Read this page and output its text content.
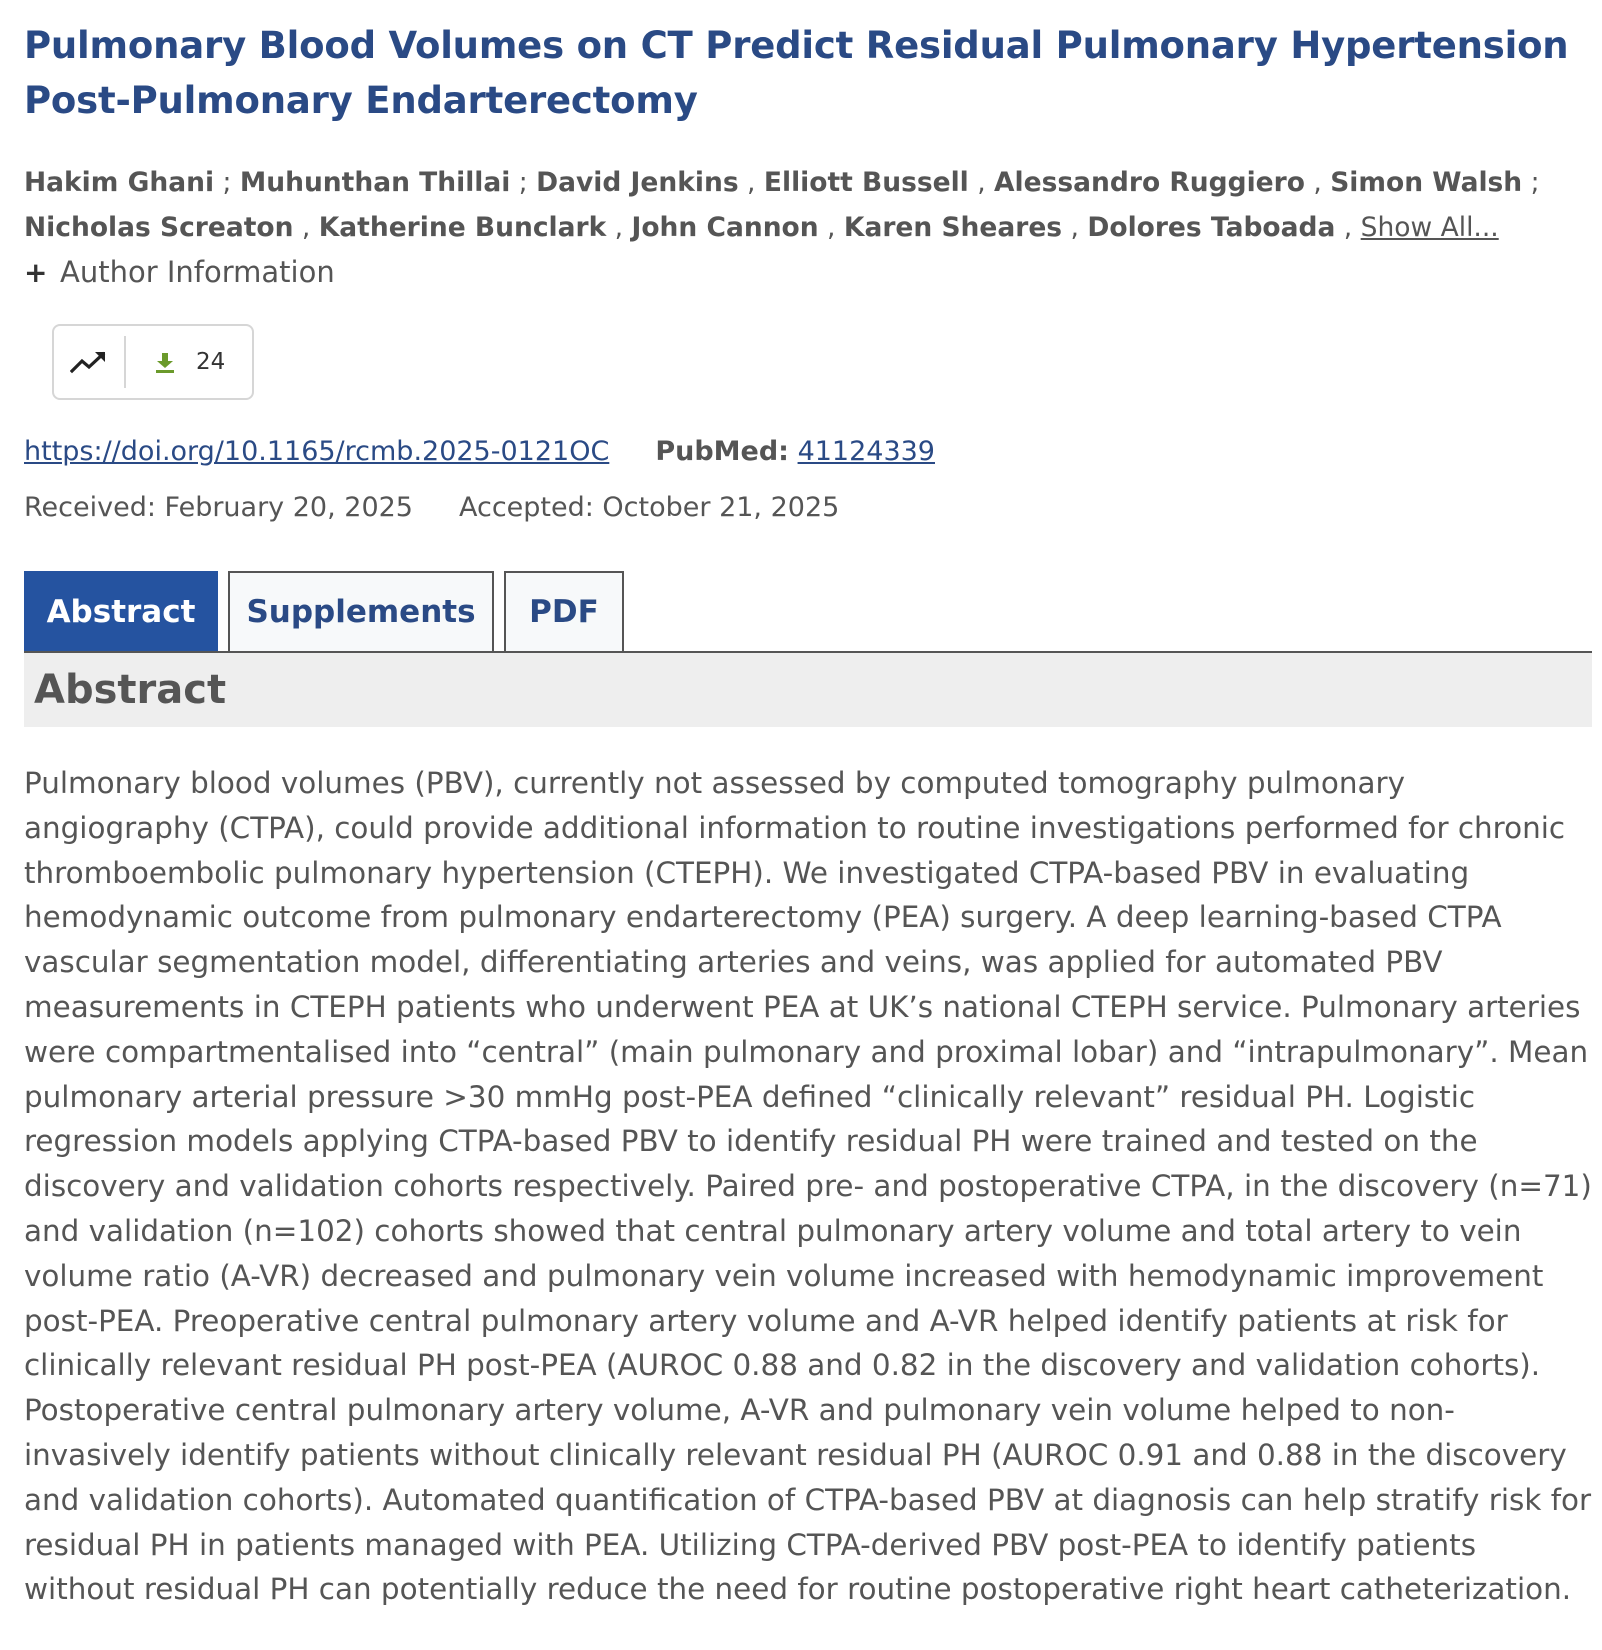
Pulmonary Blood Volumes on CT Predict Residual Pulmonary Hypertension Post-Pulmonary Endarterectomy
Hakim Ghani ; Muhunthan Thillai ; David Jenkins , Elliott Bussell , Alessandro Ruggiero , Simon Walsh ; Nicholas Screaton , Katherine Bunclark , John Cannon , Karen Sheares , Dolores Taboada , Show All...
+ Author Information
24
https://doi.org/10.1165/rcmb.2025-0121OC PubMed: 41124339
Received: February 20, 2025 Accepted: October 21, 2025
Abstract	Supplements	PDF
Abstract
Pulmonary blood volumes (PBV), currently not assessed by computed tomography pulmonary angiography (CTPA), could provide additional information to routine investigations performed for chronic thromboembolic pulmonary hypertension (CTEPH). We investigated CTPA-based PBV in evaluating hemodynamic outcome from pulmonary endarterectomy (PEA) surgery. A deep learning-based CTPA vascular segmentation model, differentiating arteries and veins, was applied for automated PBV measurements in CTEPH patients who underwent PEA at UK’s national CTEPH service. Pulmonary arteries were compartmentalised into “central” (main pulmonary and proximal lobar) and “intrapulmonary”. Mean pulmonary arterial pressure >30 mmHg post-PEA defined “clinically relevant” residual PH. Logistic regression models applying CTPA-based PBV to identify residual PH were trained and tested on the discovery and validation cohorts respectively. Paired pre- and postoperative CTPA, in the discovery (n=71) and validation (n=102) cohorts showed that central pulmonary artery volume and total artery to vein volume ratio (A-VR) decreased and pulmonary vein volume increased with hemodynamic improvement post-PEA. Preoperative central pulmonary artery volume and A-VR helped identify patients at risk for clinically relevant residual PH post-PEA (AUROC 0.88 and 0.82 in the discovery and validation cohorts). Postoperative central pulmonary artery volume, A-VR and pulmonary vein volume helped to non-invasively identify patients without clinically relevant residual PH (AUROC 0.91 and 0.88 in the discovery and validation cohorts). Automated quantification of CTPA-based PBV at diagnosis can help stratify risk for residual PH in patients managed with PEA. Utilizing CTPA-derived PBV post-PEA to identify patients without residual PH can potentially reduce the need for routine postoperative right heart catheterization.
